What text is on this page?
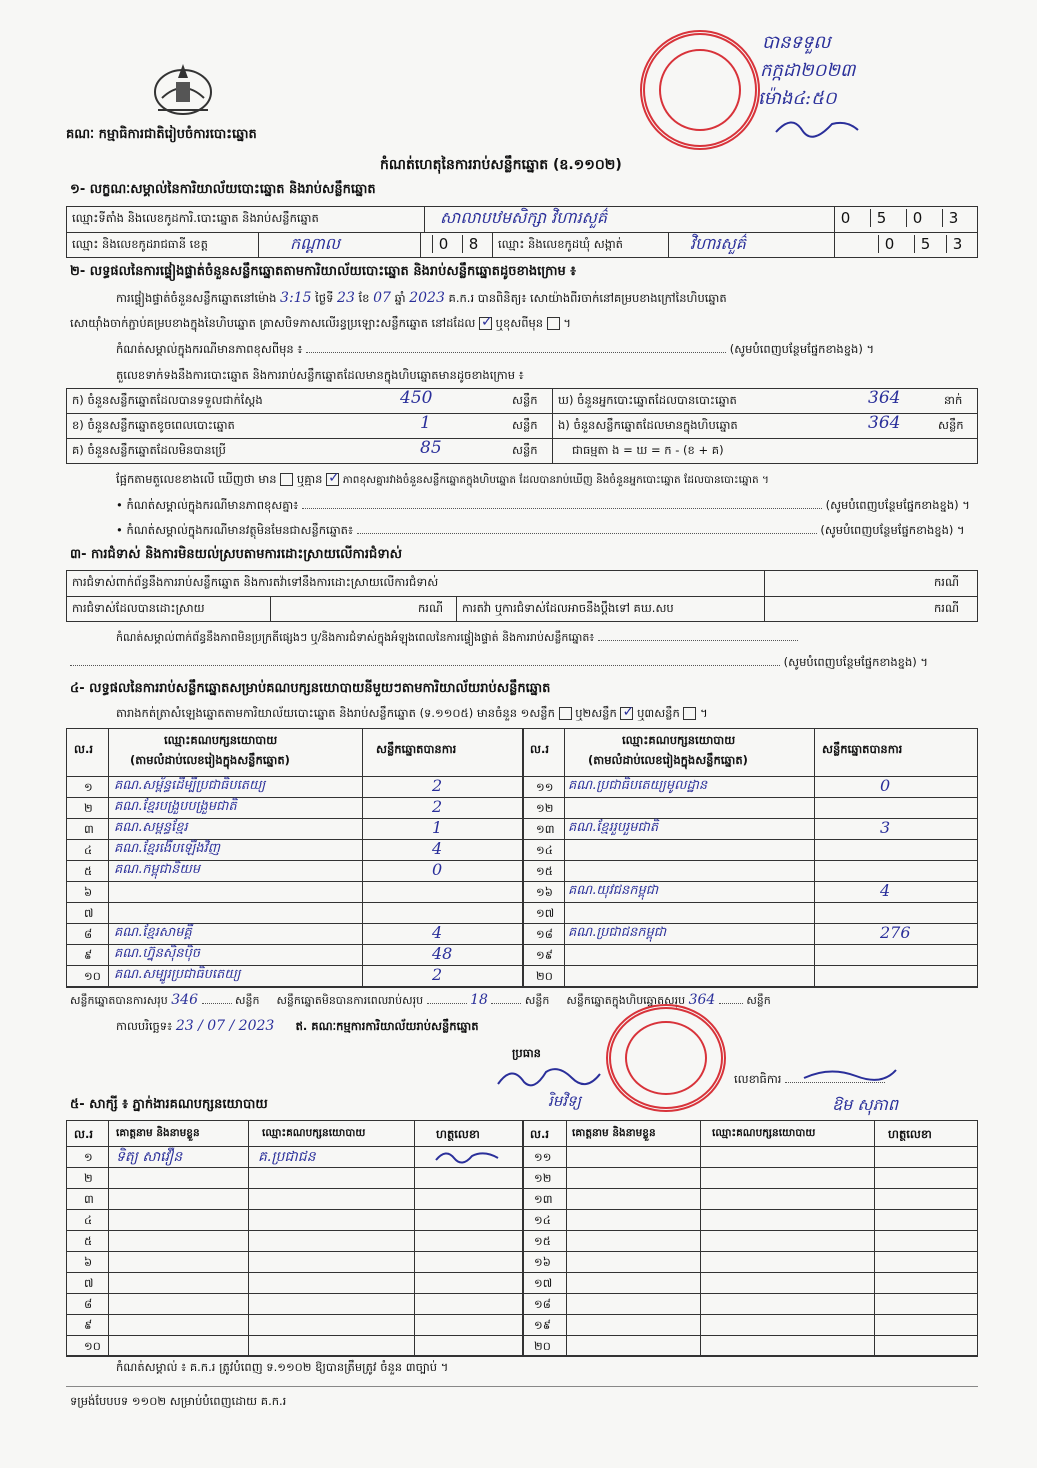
គណៈ កម្មាធិការជាតិរៀបចំការបោះឆ្នោត
បានទទួល
កក្កដា២០២៣
ម៉ោង៤:៥០
កំណត់ហេតុនៃការរាប់សន្លឹកឆ្នោត (ឧ.១១០២)
១- លក្ខណៈសម្គាល់នៃការិយាល័យបោះឆ្នោត និងរាប់សន្លឹកឆ្នោត
ឈ្មោះទីតាំង និងលេខកូដការិ.បោះឆ្នោត និងរាប់សន្លឹកឆ្នោត	សាលាបឋមសិក្សា វិហារសួគ៌	0	5	0	3
ឈ្មោះ និងលេខកូដរាជធានី ខេត្ត	កណ្ដាល	0	8	ឈ្មោះ និងលេខកូដឃុំ សង្កាត់	វិហារសួគ៌	0	5	3
២- លទ្ធផលនៃការផ្ទៀងផ្ទាត់ចំនួនសន្លឹកឆ្នោតតាមការិយាល័យបោះឆ្នោត និងរាប់សន្លឹកឆ្នោតដូចខាងក្រោម ៖
ការផ្ទៀងផ្ទាត់ចំនួនសន្លឹកឆ្នោតនៅម៉ោង 3:15 ថ្ងៃទី 23 ខែ 07 ឆ្នាំ 2023 គ.ក.រ បានពិនិត្យ៖ សោយ៉ាងពីរចាក់នៅគម្របខាងក្រៅនៃហិបឆ្នោត
សោយ៉ាំងចាក់ភ្ជាប់គម្របខាងក្នុងនៃហិបឆ្នោត ត្រាសបិទភាសលើរន្ធប្រឡោះសន្លឹកឆ្នោត នៅដដែល ✓ ឬខុសពីមុន  ។
កំណត់សម្គាល់ក្នុងករណីមានភាពខុសពីមុន ៖	(សូមបំពេញបន្ថែមផ្នែកខាងខ្នង) ។
តួលេខទាក់ទងនឹងការបោះឆ្នោត និងការរាប់សន្លឹកឆ្នោតដែលមានក្នុងហិបឆ្នោតមានដូចខាងក្រោម ៖
ក) ចំនួនសន្លឹកឆ្នោតដែលបានទទួលជាក់ស្ដែង	450	សន្លឹក
ខ) ចំនួនសន្លឹកឆ្នោតខូចពេលបោះឆ្នោត	1	សន្លឹក
គ) ចំនួនសន្លឹកឆ្នោតដែលមិនបានប្រើ	85	សន្លឹក
ឃ) ចំនួនអ្នកបោះឆ្នោតដែលបានបោះឆ្នោត	364	នាក់
ង) ចំនួនសន្លឹកឆ្នោតដែលមានក្នុងហិបឆ្នោត	364	សន្លឹក
ជាធម្មតា ង = ឃ = ក - (ខ + គ)
ផ្អែកតាមតួលេខខាងលើ ឃើញថា មាន ឬគ្មាន ✓ ភាពខុសគ្នារវាងចំនួនសន្លឹកឆ្នោតក្នុងហិបឆ្នោត ដែលបានរាប់ឃើញ និងចំនួនអ្នកបោះឆ្នោត ដែលបានបោះឆ្នោត ។
• កំណត់សម្គាល់ក្នុងករណីមានភាពខុសគ្នា៖	(សូមបំពេញបន្ថែមផ្នែកខាងខ្នង) ។
• កំណត់សម្គាល់ក្នុងករណីមានវត្ថុមិនមែនជាសន្លឹកឆ្នោត៖	(សូមបំពេញបន្ថែមផ្នែកខាងខ្នង) ។
៣- ការជំទាស់ និងការមិនយល់ស្របតាមការដោះស្រាយលើការជំទាស់
ការជំទាស់ពាក់ព័ន្ធនឹងការរាប់សន្លឹកឆ្នោត និងការតវ៉ាទៅនឹងការដោះស្រាយលើការជំទាស់	ករណី
ការជំទាស់ដែលបានដោះស្រាយ	ករណី ការតវ៉ា ឬការជំទាស់ដែលអាចនឹងប្ដឹងទៅ គឃ.សប	ករណី
កំណត់សម្គាល់ពាក់ព័ន្ធនឹងភាពមិនប្រក្រតីផ្សេងៗ ឬ/និងការជំទាស់ក្នុងអំឡុងពេលនៃការផ្ទៀងផ្ទាត់ និងការរាប់សន្លឹកឆ្នោត៖
(សូមបំពេញបន្ថែមផ្នែកខាងខ្នង) ។
៤- លទ្ធផលនៃការរាប់សន្លឹកឆ្នោតសម្រាប់គណបក្សនយោបាយនីមួយៗតាមការិយាល័យរាប់សន្លឹកឆ្នោត
តារាងកត់ត្រាសំឡេងឆ្នោតតាមការិយាល័យបោះឆ្នោត និងរាប់សន្លឹកឆ្នោត (ទ.១១០៥) មានចំនួន ១សន្លឹក ឬ២សន្លឹក ✓ ឬ៣សន្លឹក  ។
ល.រ
ឈ្មោះគណបក្សនយោបាយ
(តាមលំដាប់លេខរៀងក្នុងសន្លឹកឆ្នោត)
សន្លឹកឆ្នោតបានការ	ល.រ
ឈ្មោះគណបក្សនយោបាយ
(តាមលំដាប់លេខរៀងក្នុងសន្លឹកឆ្នោត)
សន្លឹកឆ្នោតបានការ
១ គណ.សម្ព័ន្ធដើម្បីប្រជាធិបតេយ្យ	2
២ គណ.ខ្មែរបង្រួបបង្រួមជាតិ	2
៣ គណ.សម្ពន្ធខ្មែរ	1
៤ គណ.ខ្មែរងើបឡើងវិញ	4
៥ គណ.កម្ពុជានិយម	0
៦
៧
៨ គណ.ខ្មែរសាមគ្គី	4
៩ គណ.ហ្វ៊ុនស៊ិនប៉ិច	48
១០ គណ.សម្បូរប្រជាធិបតេយ្យ	2
១១ គណ.ប្រជាធិបតេយ្យមូលដ្ឋាន	0
១២
១៣ គណ.ខ្មែររួបរួមជាតិ	3
១៤
១៥
១៦ គណ.យុវជនកម្ពុជា	4
១៧
១៨ គណ.ប្រជាជនកម្ពុជា	276
១៩
២០
សន្លឹកឆ្នោតបានការសរុប 346	សន្លឹក សន្លឹកឆ្នោតមិនបានការពេលរាប់សរុប	18	សន្លឹក សន្លឹកឆ្នោតក្នុងហិបឆ្នោតសរុប 364	សន្លឹក
កាលបរិច្ឆេទ៖ 23 / 07 / 2023 ឥ. គណៈកម្មការការិយាល័យរាប់សន្លឹកឆ្នោត
ប្រធាន
រិមវិទ្យ
លេខាធិការ
ឱម សុភាព
៥- សាក្សី ៖ ភ្នាក់ងារគណបក្សនយោបាយ
ល.រ គោត្តនាម និងនាមខ្លួន	ឈ្មោះគណបក្សនយោបាយ	ហត្ថលេខា	ល.រ គោត្តនាម និងនាមខ្លួន	ឈ្មោះគណបក្សនយោបាយ	ហត្ថលេខា
១ ទិត្យ សាវឿន	គ.ប្រជាជន
២
៣
៤
៥
៦
៧
៨
៩
១០
១១
១២
១៣
១៤
១៥
១៦
១៧
១៨
១៩
២០
កំណត់សម្គាល់ ៖ គ.ក.រ ត្រូវបំពេញ ទ.១១០២ ឱ្យបានត្រឹមត្រូវ ចំនួន ៣ច្បាប់ ។
ទម្រង់បែបបទ ១១០២ សម្រាប់បំពេញដោយ គ.ក.រ
